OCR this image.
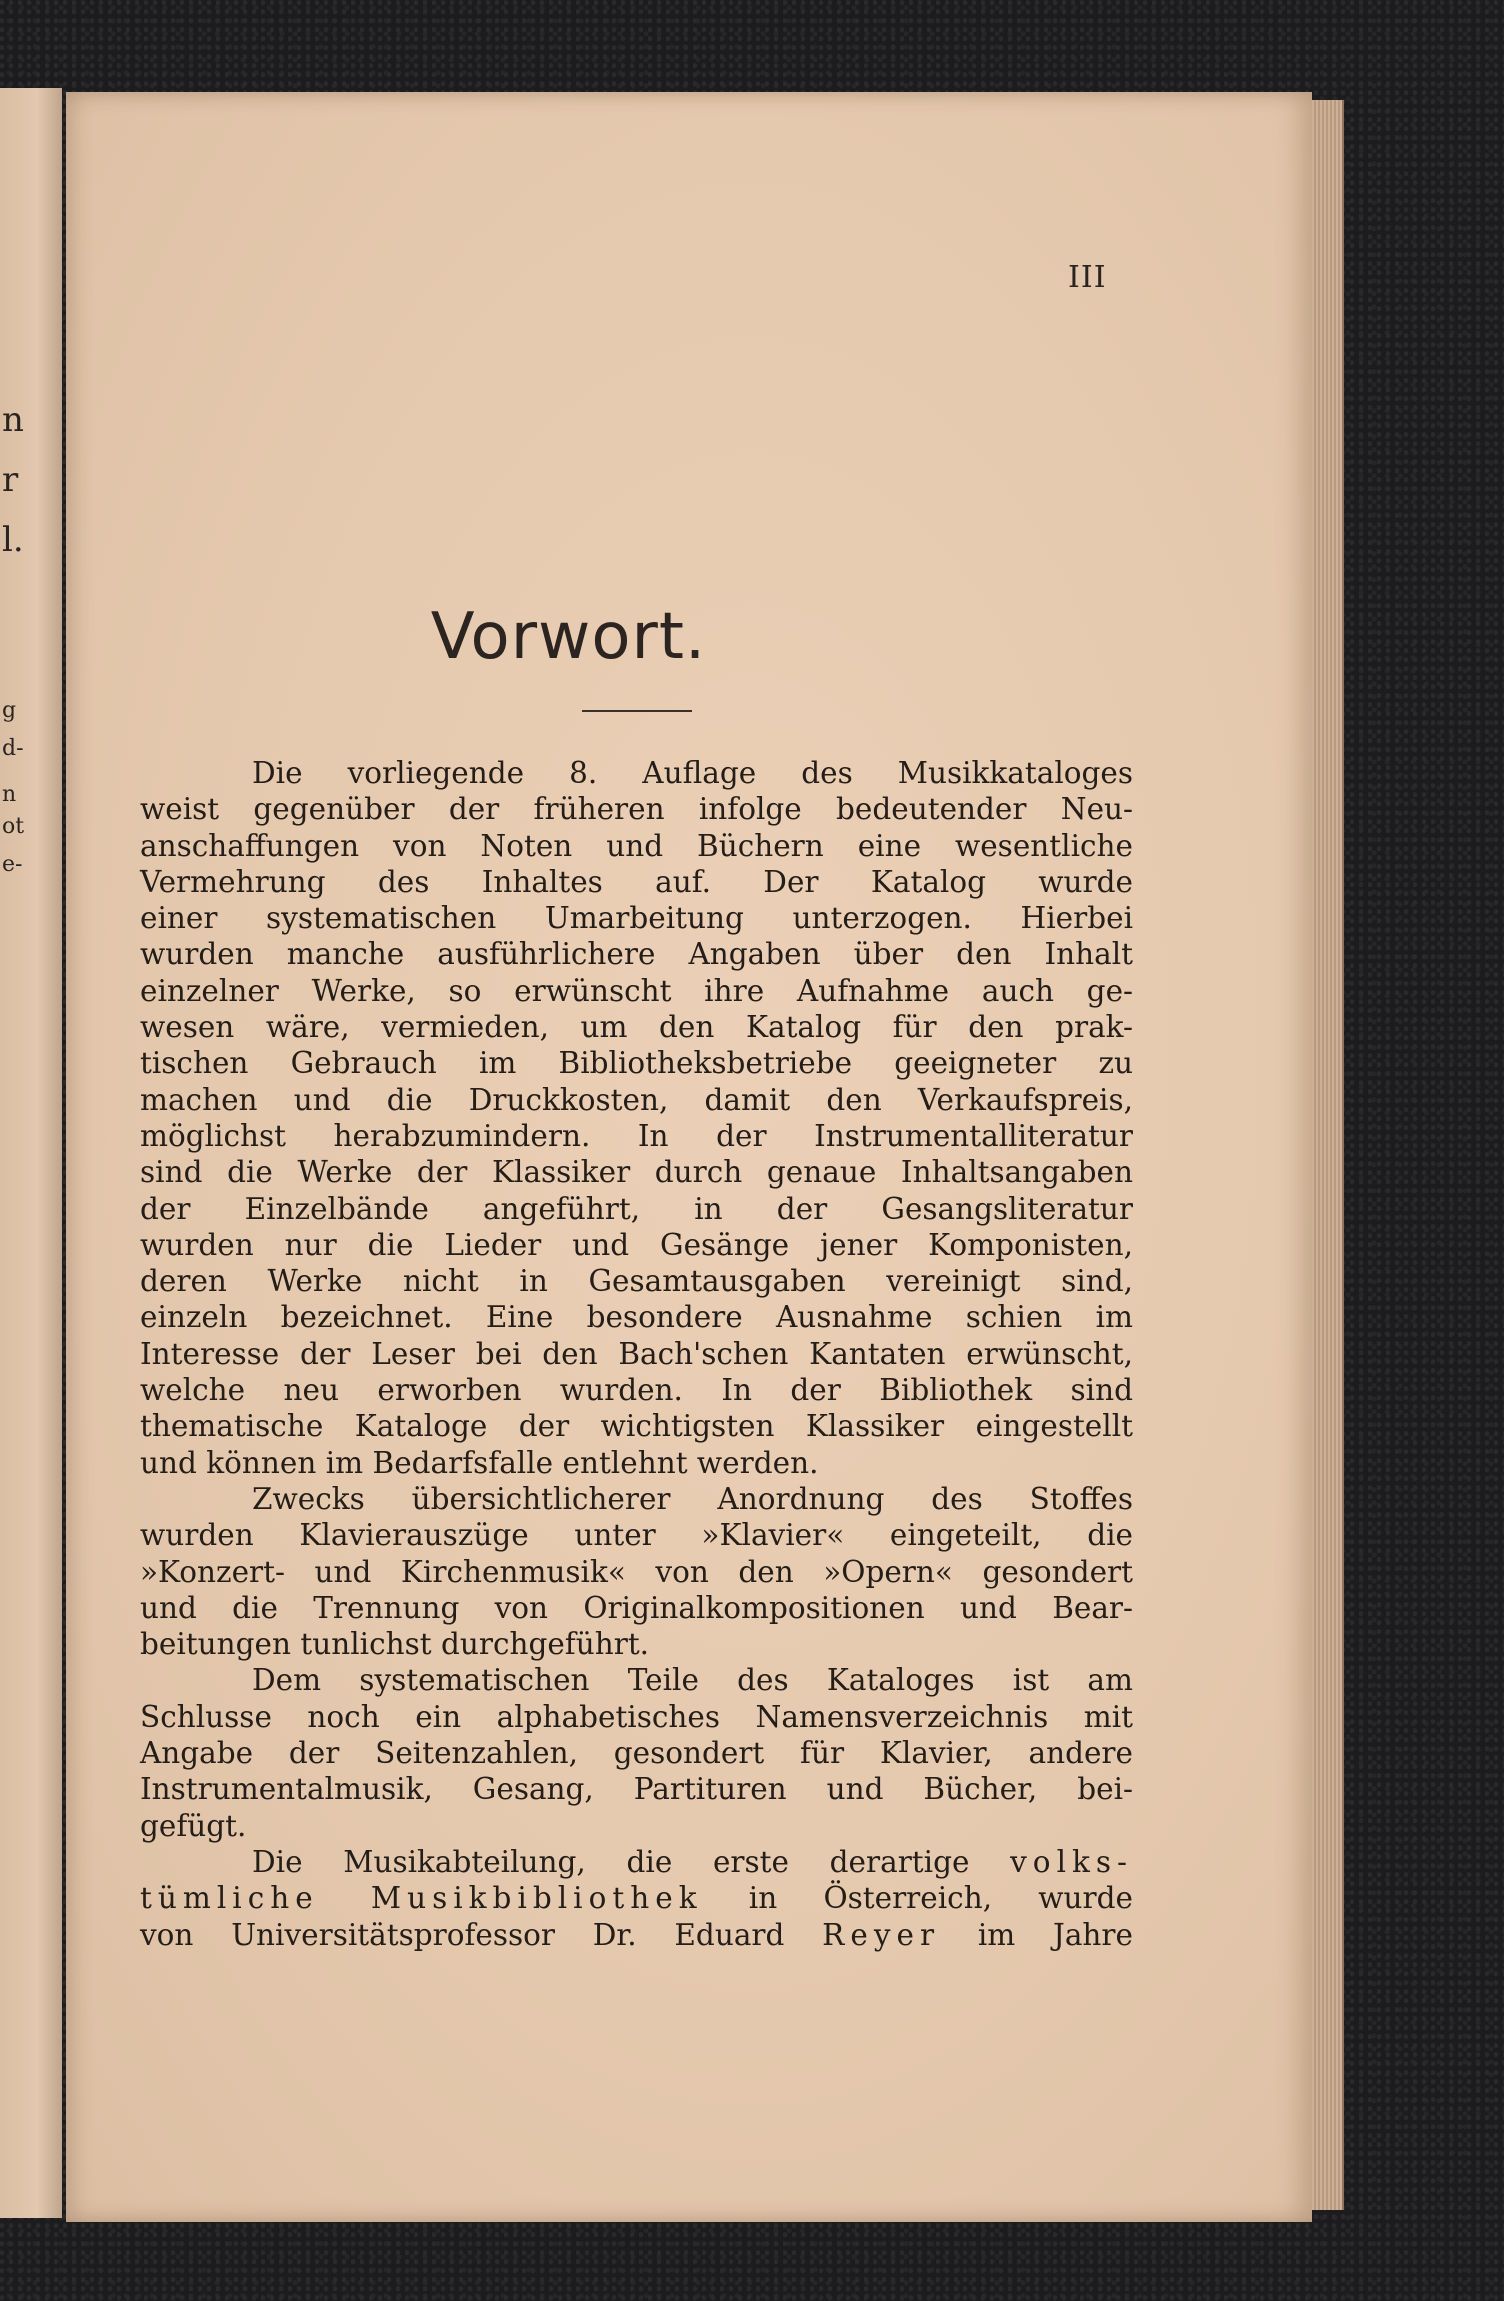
n
r
l.
g
d-
n
ot
e-
III
Vorwort.
Die vorliegende 8. Auflage des Musikkataloges
weist gegenüber der früheren infolge bedeutender Neu-
anschaffungen von Noten und Büchern eine wesentliche
Vermehrung des Inhaltes auf. Der Katalog wurde
einer systematischen Umarbeitung unterzogen. Hierbei
wurden manche ausführlichere Angaben über den Inhalt
einzelner Werke, so erwünscht ihre Aufnahme auch ge-
wesen wäre, vermieden, um den Katalog für den prak-
tischen Gebrauch im Bibliotheksbetriebe geeigneter zu
machen und die Druckkosten, damit den Verkaufspreis,
möglichst herabzumindern. In der Instrumentalliteratur
sind die Werke der Klassiker durch genaue Inhaltsangaben
der Einzelbände angeführt, in der Gesangsliteratur
wurden nur die Lieder und Gesänge jener Komponisten,
deren Werke nicht in Gesamtausgaben vereinigt sind,
einzeln bezeichnet. Eine besondere Ausnahme schien im
Interesse der Leser bei den Bach'schen Kantaten erwünscht,
welche neu erworben wurden. In der Bibliothek sind
thematische Kataloge der wichtigsten Klassiker eingestellt
und können im Bedarfsfalle entlehnt werden.
Zwecks übersichtlicherer Anordnung des Stoffes
wurden Klavierauszüge unter »Klavier« eingeteilt, die
»Konzert- und Kirchenmusik« von den »Opern« gesondert
und die Trennung von Originalkompositionen und Bear-
beitungen tunlichst durchgeführt.
Dem systematischen Teile des Kataloges ist am
Schlusse noch ein alphabetisches Namensverzeichnis mit
Angabe der Seitenzahlen, gesondert für Klavier, andere
Instrumentalmusik, Gesang, Partituren und Bücher, bei-
gefügt.
Die Musikabteilung, die erste derartige volks-
tümliche Musikbibliothek in Österreich, wurde
von Universitätsprofessor Dr. Eduard Reyer im Jahre
